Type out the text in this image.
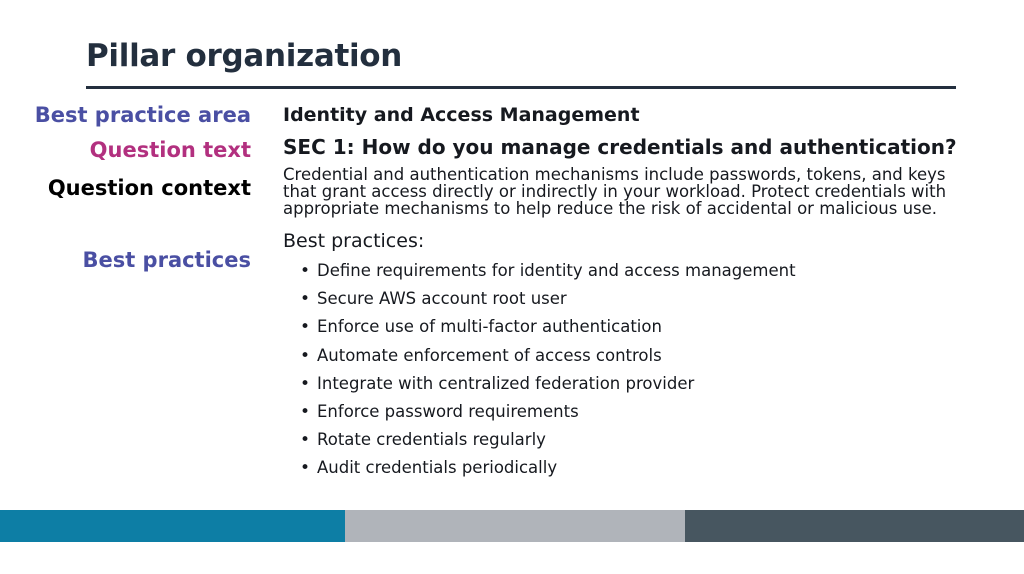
Pillar organization
Best practice area
Question text
Question context
Best practices
Identity and Access Management
SEC 1: How do you manage credentials and authentication?
Credential and authentication mechanisms include passwords, tokens, and keys that grant access directly or indirectly in your workload. Protect credentials with appropriate mechanisms to help reduce the risk of accidental or malicious use.
Best practices:
• Define requirements for identity and access management
• Secure AWS account root user
• Enforce use of multi-factor authentication
• Automate enforcement of access controls
• Integrate with centralized federation provider
• Enforce password requirements
• Rotate credentials regularly
• Audit credentials periodically
